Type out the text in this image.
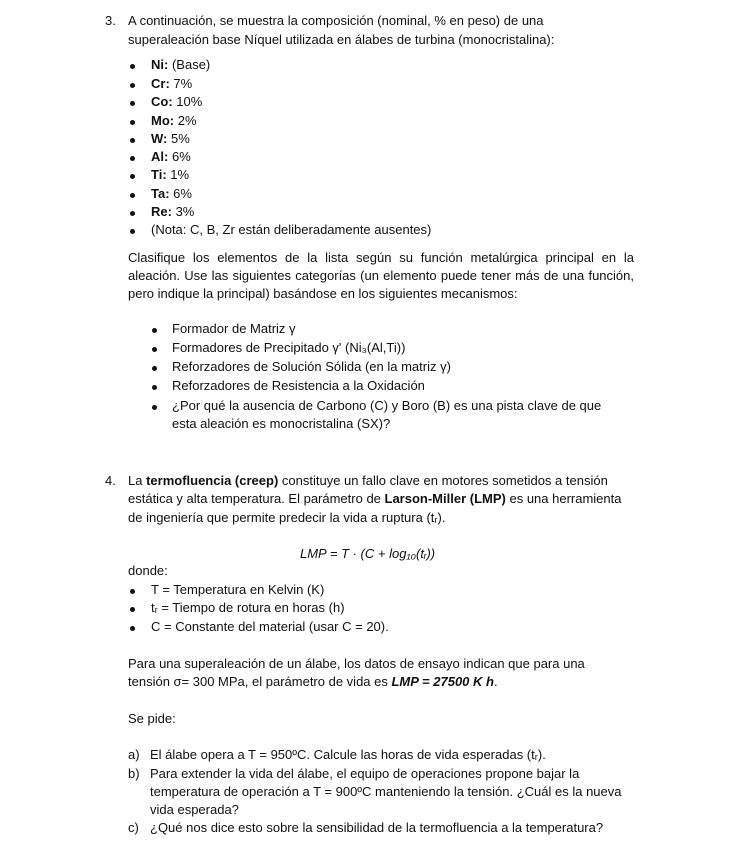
3. A continuación, se muestra la composición (nominal, % en peso) de una
superaleación base Níquel utilizada en álabes de turbina (monocristalina):
Ni: (Base)
Cr: 7%
Co: 10%
Mo: 2%
W: 5%
Al: 6%
Ti: 1%
Ta: 6%
Re: 3%
(Nota: C, B, Zr están deliberadamente ausentes)
Clasifique los elementos de la lista según su función metalúrgica principal en la aleación. Use las siguientes categorías (un elemento puede tener más de una función, pero indique la principal) basándose en los siguientes mecanismos:
Formador de Matriz γ
Formadores de Precipitado γ' (Ni₃(Al,Ti))
Reforzadores de Solución Sólida (en la matriz γ)
Reforzadores de Resistencia a la Oxidación
¿Por qué la ausencia de Carbono (C) y Boro (B) es una pista clave de que
esta aleación es monocristalina (SX)?
4. La termofluencia (creep) constituye un fallo clave en motores sometidos a tensión
estática y alta temperatura. El parámetro de Larson-Miller (LMP) es una herramienta
de ingeniería que permite predecir la vida a ruptura (tᵣ).
LMP = T · (C + log₁₀(tᵣ))
donde:
T = Temperatura en Kelvin (K)
tᵣ = Tiempo de rotura en horas (h)
C = Constante del material (usar C = 20).
Para una superaleación de un álabe, los datos de ensayo indican que para una
tensión σ= 300 MPa, el parámetro de vida es LMP = 27500 K h.
Se pide:
a) El álabe opera a T = 950ºC. Calcule las horas de vida esperadas (tᵣ).
b) Para extender la vida del álabe, el equipo de operaciones propone bajar la
temperatura de operación a T = 900ºC manteniendo la tensión. ¿Cuál es la nueva
vida esperada?
c) ¿Qué nos dice esto sobre la sensibilidad de la termofluencia a la temperatura?
